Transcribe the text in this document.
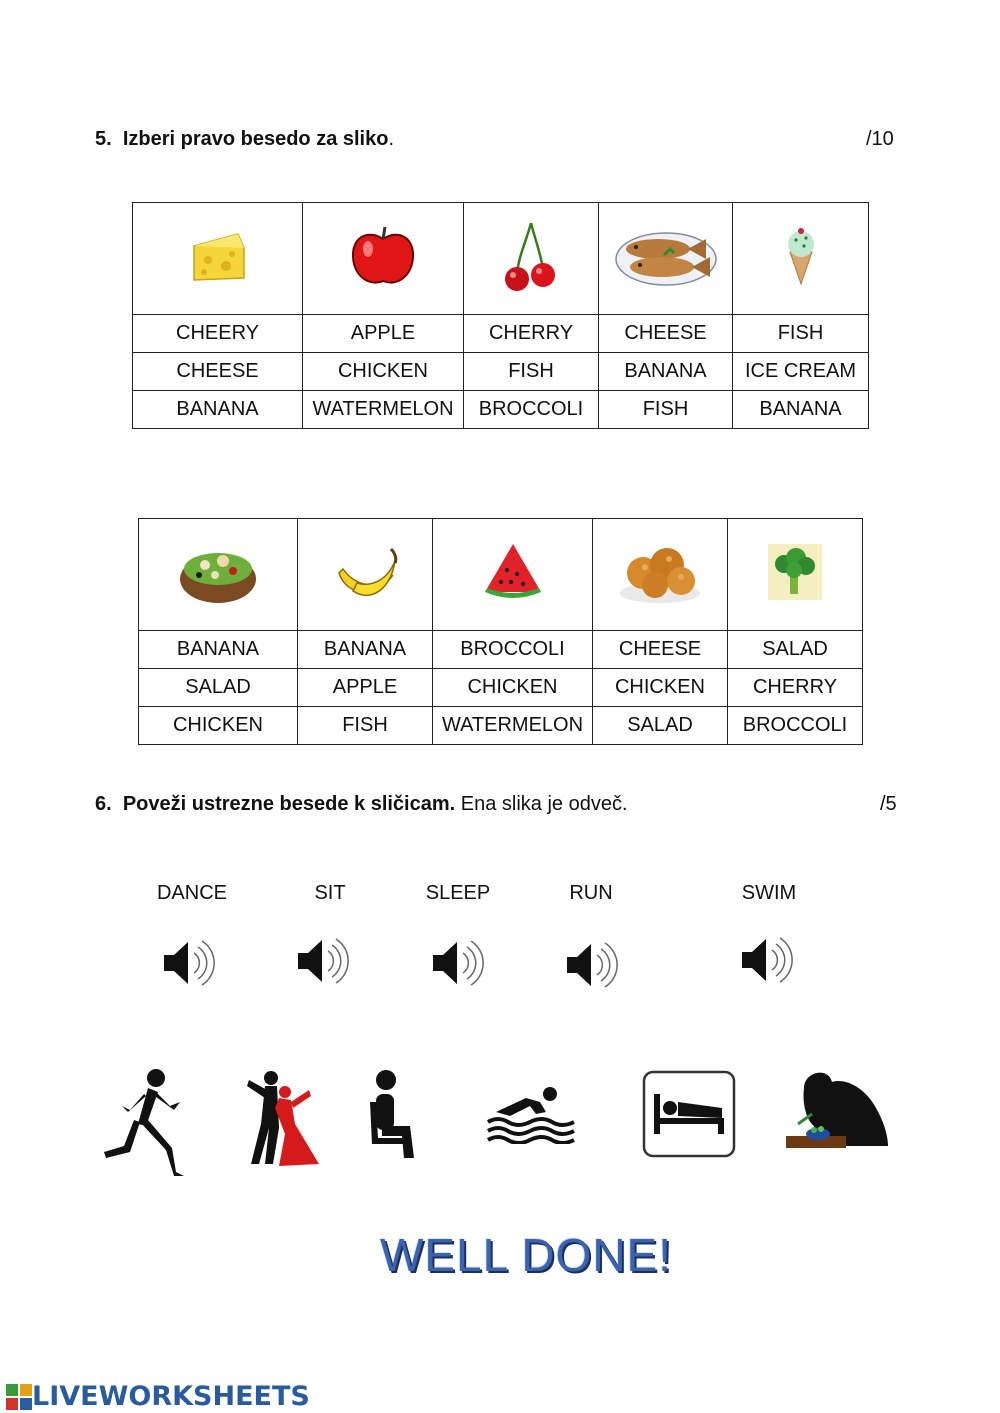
5. Izberi pravo besedo za sliko.	/10

CHEERY	APPLE	CHERRY	CHEESE	FISH
CHEESE	CHICKEN	FISH	BANANA	ICE CREAM
BANANA	WATERMELON	BROCCOLI	FISH	BANANA

BANANA	BANANA	BROCCOLI	CHEESE	SALAD
SALAD	APPLE	CHICKEN	CHICKEN	CHERRY
CHICKEN	FISH	WATERMELON	SALAD	BROCCOLI
6. Poveži ustrezne besede k sličicam. Ena slika je odveč.	/5
DANCE	SIT	SLEEP	RUN	SWIM
WELL DONE!
LIVEWORKSHEETS
